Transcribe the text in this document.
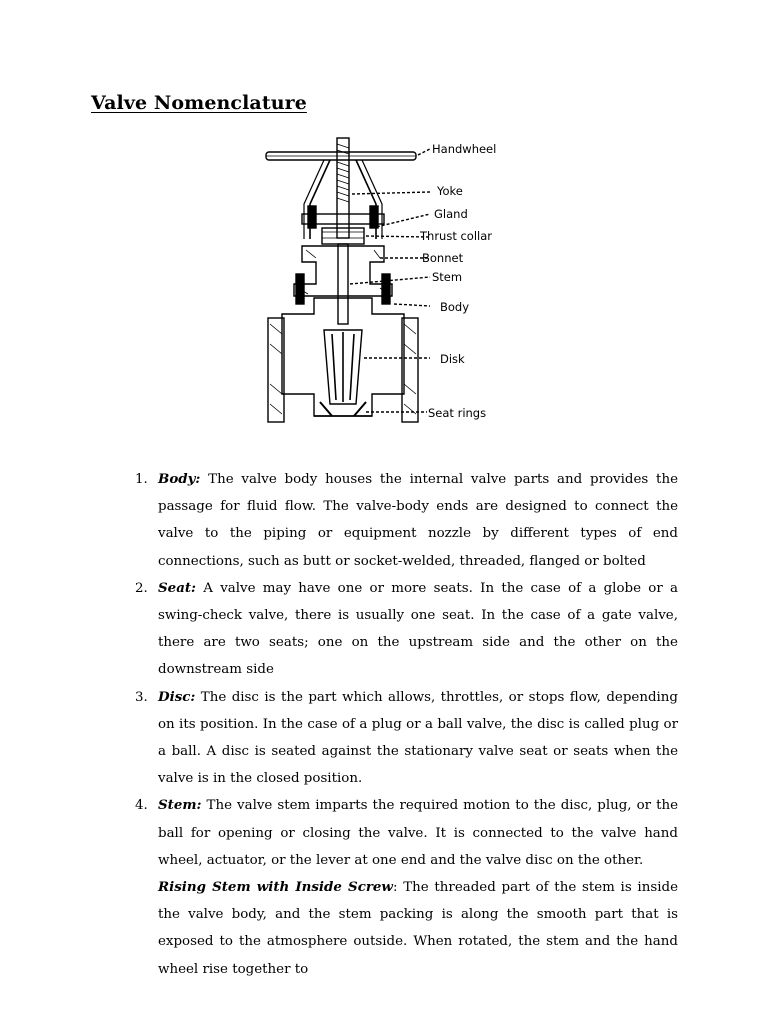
Valve Nomenclature
Handwheel
Yoke
Gland
Thrust collar
Bonnet
Stem
Body
Disk
Seat rings
1. Body: The valve body houses the internal valve parts and provides the passage for fluid flow. The valve-body ends are designed to connect the valve to the piping or equipment nozzle by different types of end connections, such as butt or socket-welded, threaded, flanged or bolted

2. Seat: A valve may have one or more seats. In the case of a globe or a swing-check valve, there is usually one seat. In the case of a gate valve, there are two seats; one on the upstream side and the other on the downstream side

3. Disc: The disc is the part which allows, throttles, or stops flow, depending on its position. In the case of a plug or a ball valve, the disc is called plug or a ball. A disc is seated against the stationary valve seat or seats when the valve is in the closed position.

4. Stem: The valve stem imparts the required motion to the disc, plug, or the ball for opening or closing the valve. It is connected to the valve hand wheel, actuator, or the lever at one end and the valve disc on the other.

Rising Stem with Inside Screw: The threaded part of the stem is inside the valve body, and the stem packing is along the smooth part that is exposed to the atmosphere outside. When rotated, the stem and the hand wheel rise together to
